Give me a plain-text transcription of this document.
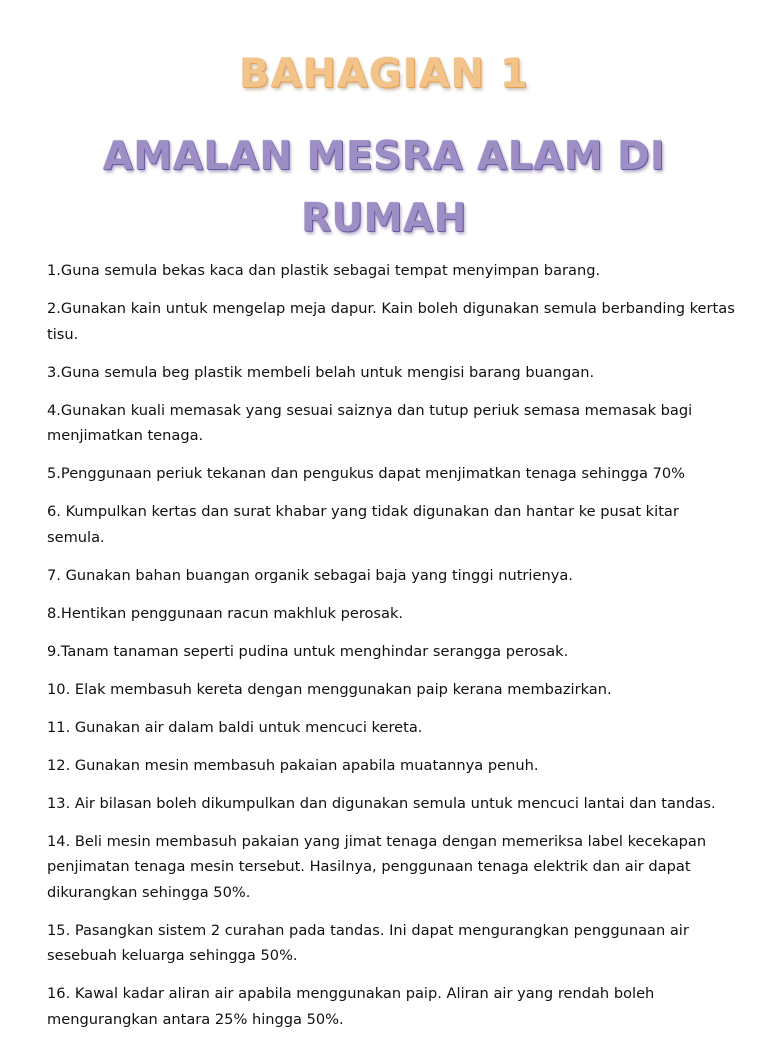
BAHAGIAN 1
AMALAN MESRA ALAM DI
RUMAH
1.Guna semula bekas kaca dan plastik sebagai tempat menyimpan barang.
2.Gunakan kain untuk mengelap meja dapur. Kain boleh digunakan semula berbanding kertas tisu.
3.Guna semula beg plastik membeli belah untuk mengisi barang buangan.
4.Gunakan kuali memasak yang sesuai saiznya dan tutup periuk semasa memasak bagi menjimatkan tenaga.
5.Penggunaan periuk tekanan dan pengukus dapat menjimatkan tenaga sehingga 70%
6. Kumpulkan kertas dan surat khabar yang tidak digunakan dan hantar ke pusat kitar semula.
7. Gunakan bahan buangan organik sebagai baja yang tinggi nutrienya.
8.Hentikan penggunaan racun makhluk perosak.
9.Tanam tanaman seperti pudina untuk menghindar serangga perosak.
10. Elak membasuh kereta dengan menggunakan paip kerana membazirkan.
11. Gunakan air dalam baldi untuk mencuci kereta.
12. Gunakan mesin membasuh pakaian apabila muatannya penuh.
13. Air bilasan boleh dikumpulkan dan digunakan semula untuk mencuci lantai dan tandas.
14. Beli mesin membasuh pakaian yang jimat tenaga dengan memeriksa label kecekapan penjimatan tenaga mesin tersebut. Hasilnya, penggunaan tenaga elektrik dan air dapat dikurangkan sehingga 50%.
15. Pasangkan sistem 2 curahan pada tandas. Ini dapat mengurangkan penggunaan air sesebuah keluarga sehingga 50%.
16. Kawal kadar aliran air apabila menggunakan paip. Aliran air yang rendah boleh mengurangkan antara 25% hingga 50%.
